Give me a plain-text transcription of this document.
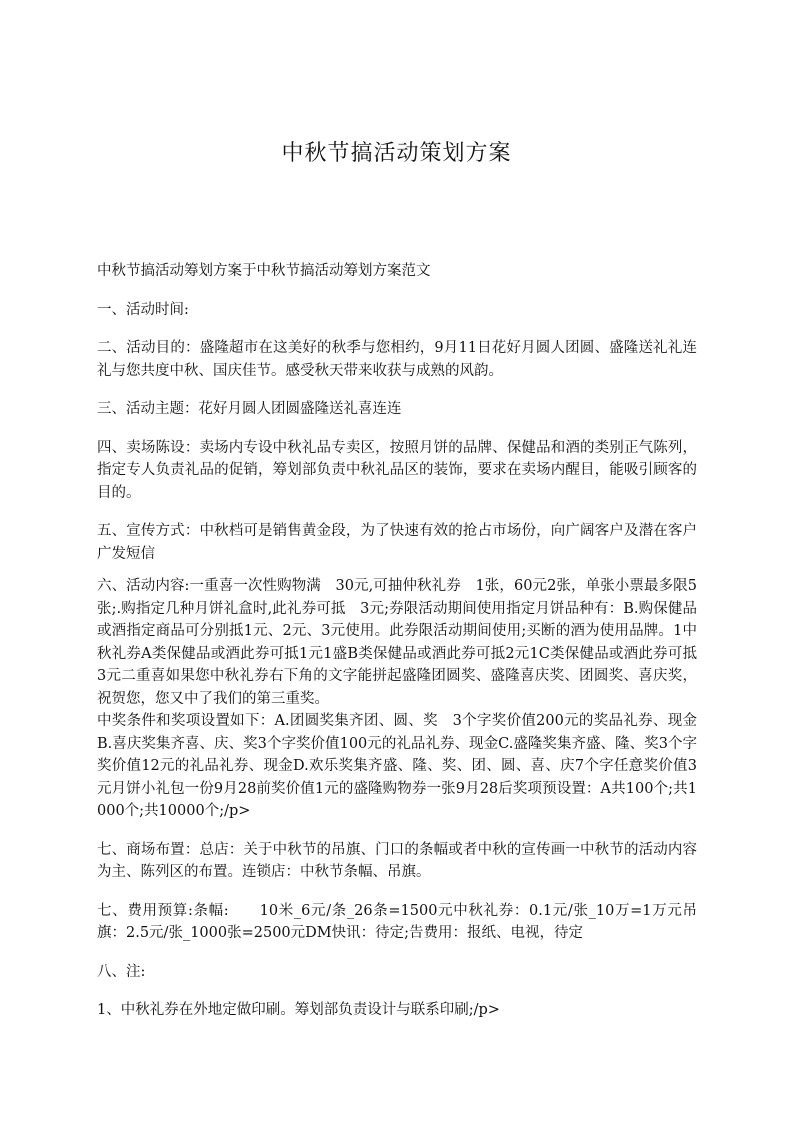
中秋节搞活动策划方案

中秋节搞活动筹划方案于中秋节搞活动筹划方案范文

一、活动时间:

二、活动目的：盛隆超市在这美好的秋季与您相约，9月11日花好月圆人团圆、盛隆送礼礼连礼与您共度中秋、国庆佳节。感受秋天带来收获与成熟的风韵。

三、活动主题：花好月圆人团圆盛隆送礼喜连连

四、卖场陈设：卖场内专设中秋礼品专卖区，按照月饼的品牌、保健品和酒的类别正气陈列，指定专人负责礼品的促销，筹划部负责中秋礼品区的装饰，要求在卖场内醒目，能吸引顾客的目的。

五、宣传方式：中秋档可是销售黄金段，为了快速有效的抢占市场份，向广阔客户及潜在客户广发短信

六、活动内容:一重喜一次性购物满　30元,可抽仲秋礼券　1张，60元2张，单张小票最多限5张;.购指定几种月饼礼盒时,此礼券可抵　3元;券限活动期间使用指定月饼品种有：B.购保健品或酒指定商品可分别抵1元、2元、3元使用。此券限活动期间使用;买断的酒为使用品牌。1中秋礼券A类保健品或酒此券可抵1元1盛B类保健品或酒此券可抵2元1C类保健品或酒此券可抵3元二重喜如果您中秋礼券右下角的文字能拼起盛隆团圆奖、盛隆喜庆奖、团圆奖、喜庆奖，祝贺您，您又中了我们的第三重奖。

中奖条件和奖项设置如下：A.团圆奖集齐团、圆、奖　3个字奖价值200元的奖品礼券、现金B.喜庆奖集齐喜、庆、奖3个字奖价值100元的礼品礼券、现金C.盛隆奖集齐盛、隆、奖3个字奖价值12元的礼品礼券、现金D.欢乐奖集齐盛、隆、奖、团、圆、喜、庆7个字任意奖价值3元月饼小礼包一份9月28前奖价值1元的盛隆购物券一张9月28后奖项预设置：A共100个;共1000个;共10000个;/p>

七、商场布置：总店：关于中秋节的吊旗、门口的条幅或者中秋的宣传画一中秋节的活动内容为主、陈列区的布置。连锁店：中秋节条幅、吊旗。

七、费用预算:条幅:　　10米_6元/条_26条=1500元中秋礼券：0.1元/张_10万=1万元吊旗：2.5元/张_1000张=2500元DM快讯：待定;告费用：报纸、电视，待定

八、注:

1、中秋礼券在外地定做印刷。筹划部负责设计与联系印刷;/p>
